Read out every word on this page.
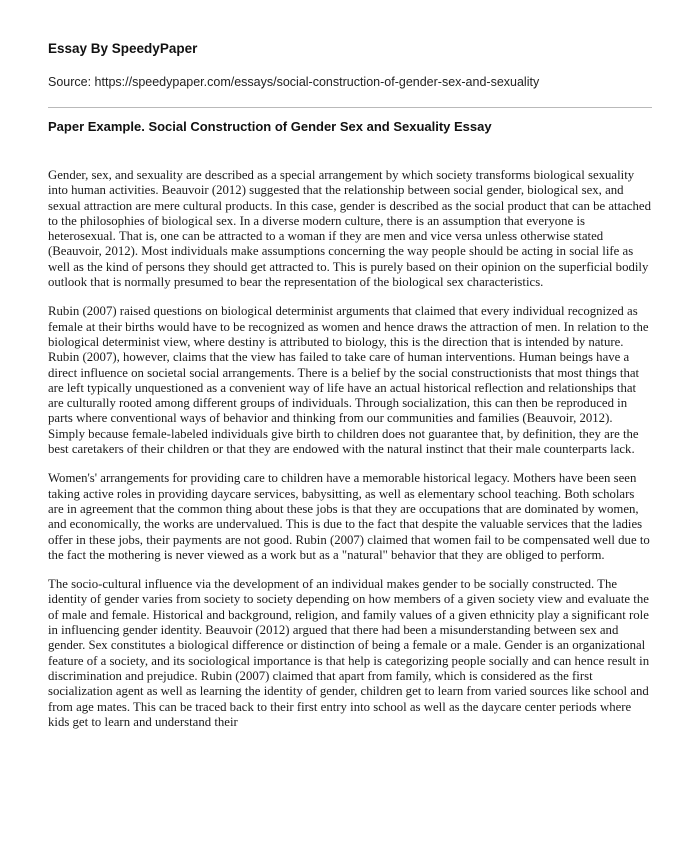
Essay By SpeedyPaper

Source: https://speedypaper.com/essays/social-construction-of-gender-sex-and-sexuality

Paper Example. Social Construction of Gender Sex and Sexuality Essay

Gender, sex, and sexuality are described as a special arrangement by which society transforms biological sexuality into human activities. Beauvoir (2012) suggested that the relationship between social gender, biological sex, and sexual attraction are mere cultural products. In this case, gender is described as the social product that can be attached to the philosophies of biological sex. In a diverse modern culture, there is an assumption that everyone is heterosexual. That is, one can be attracted to a woman if they are men and vice versa unless otherwise stated (Beauvoir, 2012). Most individuals make assumptions concerning the way people should be acting in social life as well as the kind of persons they should get attracted to. This is purely based on their opinion on the superficial bodily outlook that is normally presumed to bear the representation of the biological sex characteristics.

Rubin (2007) raised questions on biological determinist arguments that claimed that every individual recognized as female at their births would have to be recognized as women and hence draws the attraction of men. In relation to the biological determinist view, where destiny is attributed to biology, this is the direction that is intended by nature. Rubin (2007), however, claims that the view has failed to take care of human interventions. Human beings have a direct influence on societal social arrangements. There is a belief by the social constructionists that most things that are left typically unquestioned as a convenient way of life have an actual historical reflection and relationships that are culturally rooted among different groups of individuals. Through socialization, this can then be reproduced in parts where conventional ways of behavior and thinking from our communities and families (Beauvoir, 2012). Simply because female-labeled individuals give birth to children does not guarantee that, by definition, they are the best caretakers of their children or that they are endowed with the natural instinct that their male counterparts lack.

Women's' arrangements for providing care to children have a memorable historical legacy. Mothers have been seen taking active roles in providing daycare services, babysitting, as well as elementary school teaching. Both scholars are in agreement that the common thing about these jobs is that they are occupations that are dominated by women, and economically, the works are undervalued. This is due to the fact that despite the valuable services that the ladies offer in these jobs, their payments are not good. Rubin (2007) claimed that women fail to be compensated well due to the fact the mothering is never viewed as a work but as a "natural" behavior that they are obliged to perform.

The socio-cultural influence via the development of an individual makes gender to be socially constructed. The identity of gender varies from society to society depending on how members of a given society view and evaluate the of male and female. Historical and background, religion, and family values of a given ethnicity play a significant role in influencing gender identity. Beauvoir (2012) argued that there had been a misunderstanding between sex and gender. Sex constitutes a biological difference or distinction of being a female or a male. Gender is an organizational feature of a society, and its sociological importance is that help is categorizing people socially and can hence result in discrimination and prejudice. Rubin (2007) claimed that apart from family, which is considered as the first socialization agent as well as learning the identity of gender, children get to learn from varied sources like school and from age mates. This can be traced back to their first entry into school as well as the daycare center periods where kids get to learn and understand their
